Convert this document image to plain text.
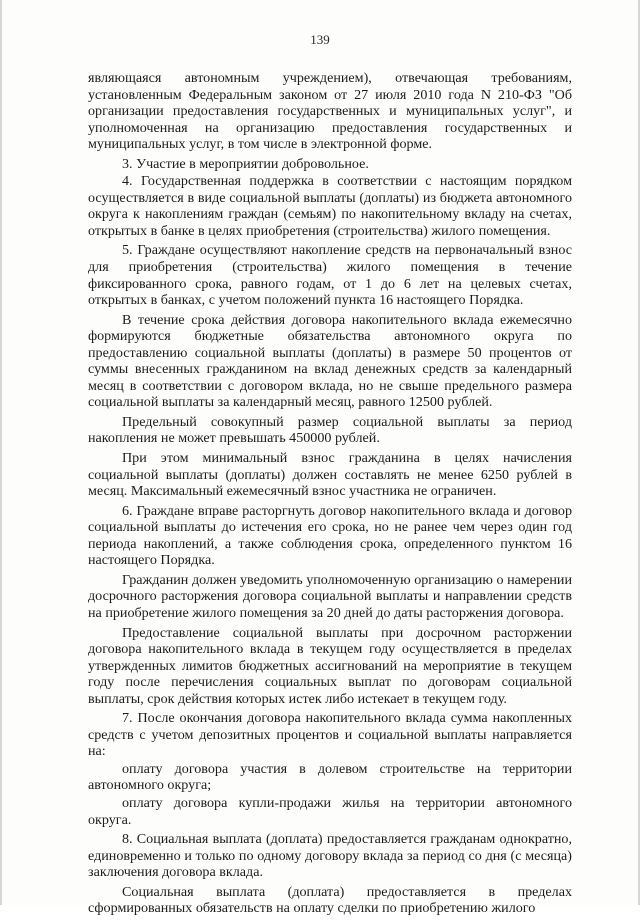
139

являющаяся автономным учреждением), отвечающая требованиям, установленным Федеральным законом от 27 июля 2010 года N 210-ФЗ "Об организации предоставления государственных и муниципальных услуг", и уполномоченная на организацию предоставления государственных и муниципальных услуг, в том числе в электронной форме.

3. Участие в мероприятии добровольное.

4. Государственная поддержка в соответствии с настоящим порядком осуществляется в виде социальной выплаты (доплаты) из бюджета автономного округа к накоплениям граждан (семьям) по накопительному вкладу на счетах, открытых в банке в целях приобретения (строительства) жилого помещения.

5. Граждане осуществляют накопление средств на первоначальный взнос для приобретения (строительства) жилого помещения в течение фиксированного срока, равного годам, от 1 до 6 лет на целевых счетах, открытых в банках, с учетом положений пункта 16 настоящего Порядка.

В течение срока действия договора накопительного вклада ежемесячно формируются бюджетные обязательства автономного округа по предоставлению социальной выплаты (доплаты) в размере 50 процентов от суммы внесенных гражданином на вклад денежных средств за календарный месяц в соответствии с договором вклада, но не свыше предельного размера социальной выплаты за календарный месяц, равного 12500 рублей.

Предельный совокупный размер социальной выплаты за период накопления не может превышать 450000 рублей.

При этом минимальный взнос гражданина в целях начисления социальной выплаты (доплаты) должен составлять не менее 6250 рублей в месяц. Максимальный ежемесячный взнос участника не ограничен.

6. Граждане вправе расторгнуть договор накопительного вклада и договор социальной выплаты до истечения его срока, но не ранее чем через один год периода накоплений, а также соблюдения срока, определенного пунктом 16 настоящего Порядка.

Гражданин должен уведомить уполномоченную организацию о намерении досрочного расторжения договора социальной выплаты и направлении средств на приобретение жилого помещения за 20 дней до даты расторжения договора.

Предоставление социальной выплаты при досрочном расторжении договора накопительного вклада в текущем году осуществляется в пределах утвержденных лимитов бюджетных ассигнований на мероприятие в текущем году после перечисления социальных выплат по договорам социальной выплаты, срок действия которых истек либо истекает в текущем году.

7. После окончания договора накопительного вклада сумма накопленных средств с учетом депозитных процентов и социальной выплаты направляется на:

оплату договора участия в долевом строительстве на территории автономного округа;

оплату договора купли-продажи жилья на территории автономного округа.

8. Социальная выплата (доплата) предоставляется гражданам однократно, единовременно и только по одному договору вклада за период со дня (с месяца) заключения договора вклада.

Социальная выплата (доплата) предоставляется в пределах сформированных обязательств на оплату сделки по приобретению жилого
